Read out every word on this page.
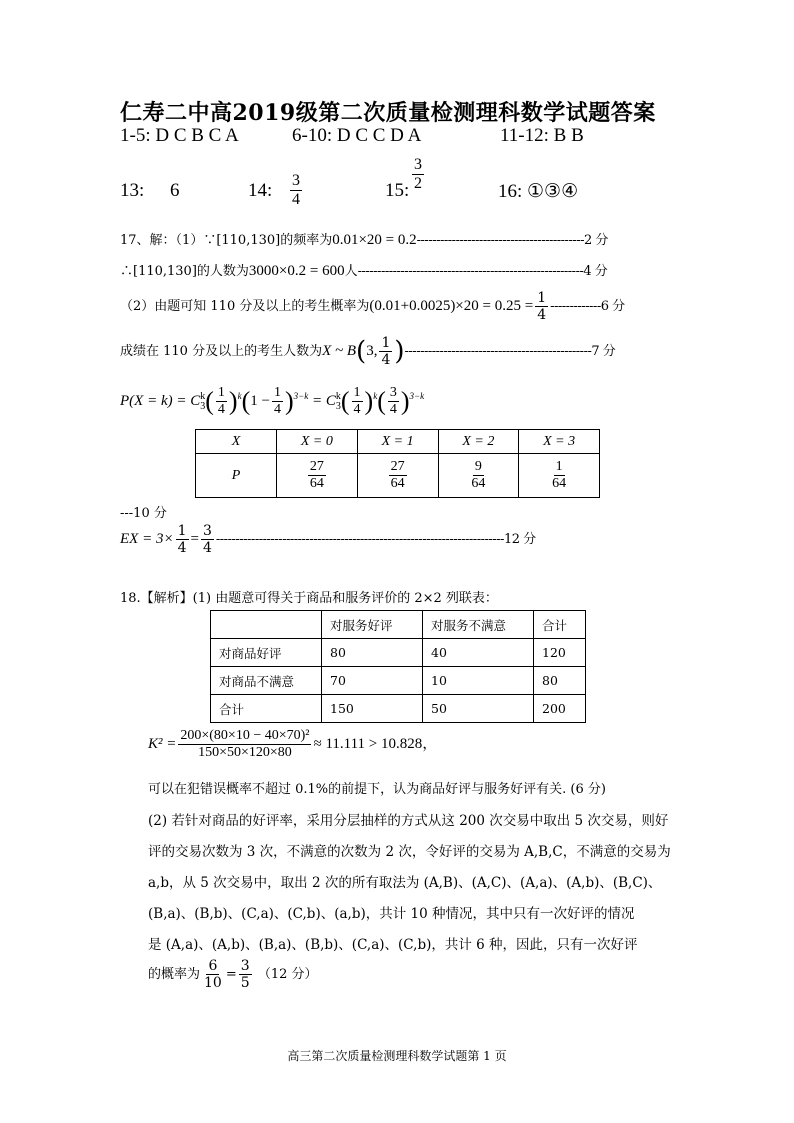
仁寿二中高2019级第二次质量检测理科数学试题答案
1-5: D C B C A	6-10: D C C D A	11-12: B B
13: 6	14: $\frac{3}{4}$	15: $\frac{3}{2}$	16: ①③④
17、解：（1）∵[110,130]的频率为0.01×20 = 0.2-------------------------------------------2 分
∴[110,130]的人数为3000×0.2 = 600人----------------------------------------------------------4 分
（2）由题可知 110 分及以上的考生概率为$(0.01+0.0025)\times 20 = 0.25 = \frac{1}{4} -------------6$ 分
成绩在 110 分及以上的考生人数为X ~ B(3, $\frac{1}{4} )------------------------------------------------7$ 分
P(X = k) = C k
3 ( $\frac{1}{4} )^k(1 - \frac{1}{4} )^{3-k} = C$ k
3 ( $\frac{1}{4} )^k( \frac{3}{4} )^{3-k}$
X	X = 0	X = 1	X = 2	X = 3
P	$\frac{27}{64}$	$\frac{27}{64}$	$\frac{9}{64}$	$\frac{1}{64}$
---10 分
EX = $3\times \frac{1}{4} = \frac{3}{4} --------------------------------------------------------------------------12$ 分
18.【解析】(1) 由题意可得关于商品和服务评价的 2×2 列联表：
	对服务好评	对服务不满意	合计
对商品好评	80	40	120
对商品不满意	70	10	80
合计	150	50	200
$K^2 = \frac{\text{200×(80×10 − 40×70)²}}{150\times 50\times 120\times 80} \approx 11.111 > 10.828$，
可以在犯错误概率不超过 0.1%的前提下，认为商品好评与服务好评有关. (6 分)
(2) 若针对商品的好评率，采用分层抽样的方式从这 200 次交易中取出 5 次交易，则好
评的交易次数为 3 次，不满意的次数为 2 次，令好评的交易为 A,B,C，不满意的交易为
a,b，从 5 次交易中，取出 2 次的所有取法为 (A,B)、(A,C)、(A,a)、(A,b)、(B,C)、
(B,a)、(B,b)、(C,a)、(C,b)、(a,b)，共计 10 种情况，其中只有一次好评的情况
是 (A,a)、(A,b)、(B,a)、(B,b)、(C,a)、(C,b)，共计 6 种，因此，只有一次好评
的概率为 $\frac{6}{10} = \frac{3}{5} (12$ 分）
高三第二次质量检测理科数学试题第 1 页
